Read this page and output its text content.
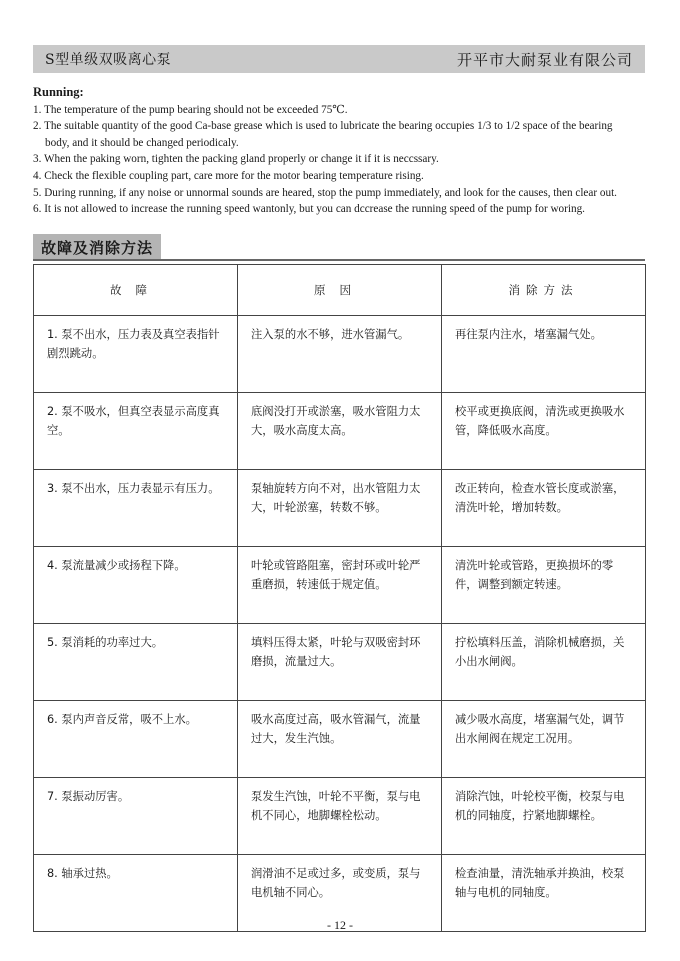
S型单级双吸离心泵	开平市大耐泵业有限公司
Running:
1. The temperature of the pump bearing should not be exceeded 75℃.
2. The suitable quantity of the good Ca-base grease which is used to lubricate the bearing occupies 1/3 to 1/2 space of the bearing
body, and it should be changed periodicaly.
3. When the paking worn, tighten the packing gland properly or change it if it is neccssary.
4. Check the flexible coupling part, care more for the motor bearing temperature rising.
5. During running, if any noise or unnormal sounds are heared, stop the pump immediately, and look for the causes, then clear out.
6. It is not allowed to increase the running speed wantonly, but you can dccrease the running speed of the pump for woring.
故障及消除方法
故障	原因	消除方法
1. 泵不出水，压力表及真空表指针剧烈跳动。	注入泵的水不够，进水管漏气。	再往泵内注水，堵塞漏气处。
2. 泵不吸水，但真空表显示高度真空。	底阀没打开或淤塞，吸水管阻力太大，吸水高度太高。	校平或更换底阀，清洗或更换吸水管，降低吸水高度。
3. 泵不出水，压力表显示有压力。	泵轴旋转方向不对，出水管阻力太大，叶轮淤塞，转数不够。	改正转向，检查水管长度或淤塞，清洗叶轮，增加转数。
4. 泵流量减少或扬程下降。	叶轮或管路阻塞，密封环或叶轮严重磨损，转速低于规定值。	清洗叶轮或管路，更换损坏的零件，调整到额定转速。
5. 泵消耗的功率过大。	填料压得太紧，叶轮与双吸密封环磨损，流量过大。	拧松填料压盖，消除机械磨损，关小出水闸阀。
6. 泵内声音反常，吸不上水。	吸水高度过高，吸水管漏气，流量过大，发生汽蚀。	减少吸水高度，堵塞漏气处，调节出水闸阀在规定工况用。
7. 泵振动厉害。	泵发生汽蚀，叶轮不平衡，泵与电机不同心，地脚螺栓松动。	消除汽蚀，叶轮校平衡，校泵与电机的同轴度，拧紧地脚螺栓。
8. 轴承过热。	润滑油不足或过多，或变质，泵与电机轴不同心。	检查油量，清洗轴承并换油，校泵轴与电机的同轴度。
- 12 -
